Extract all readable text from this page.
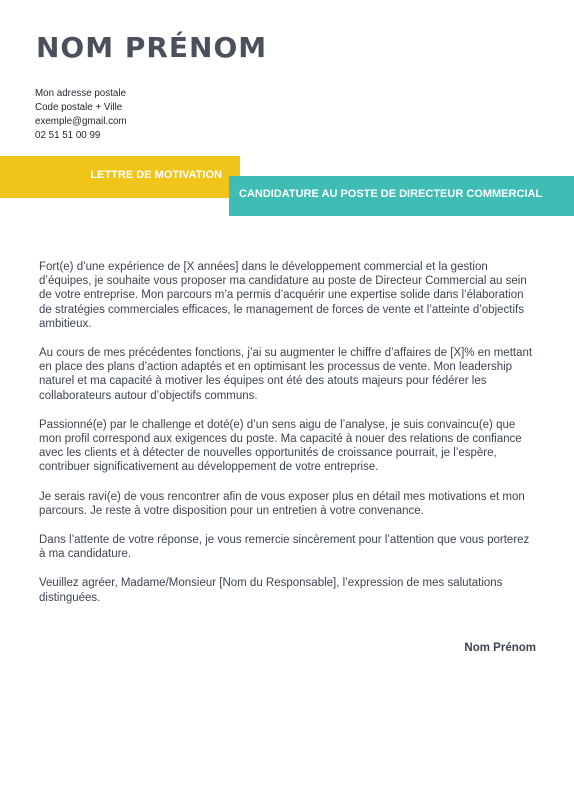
NOM PRÉNOM
Mon adresse postale
Code postale + Ville
exemple@gmail.com
02 51 51 00 99
LETTRE DE MOTIVATION
CANDIDATURE AU POSTE DE DIRECTEUR COMMERCIAL

Fort(e) d’une expérience de [X années] dans le développement commercial et la gestion d’équipes, je souhaite vous proposer ma candidature au poste de Directeur Commercial au sein de votre entreprise. Mon parcours m’a permis d’acquérir une expertise solide dans l’élaboration de stratégies commerciales efficaces, le management de forces de vente et l’atteinte d’objectifs ambitieux.

Au cours de mes précédentes fonctions, j’ai su augmenter le chiffre d’affaires de [X]% en mettant en place des plans d’action adaptés et en optimisant les processus de vente. Mon leadership naturel et ma capacité à motiver les équipes ont été des atouts majeurs pour fédérer les collaborateurs autour d’objectifs communs.

Passionné(e) par le challenge et doté(e) d’un sens aigu de l’analyse, je suis convaincu(e) que mon profil correspond aux exigences du poste. Ma capacité à nouer des relations de confiance avec les clients et à détecter de nouvelles opportunités de croissance pourrait, je l’espère, contribuer significativement au développement de votre entreprise.

Je serais ravi(e) de vous rencontrer afin de vous exposer plus en détail mes motivations et mon parcours. Je reste à votre disposition pour un entretien à votre convenance.

Dans l’attente de votre réponse, je vous remercie sincèrement pour l’attention que vous porterez à ma candidature.

Veuillez agréer, Madame/Monsieur [Nom du Responsable], l’expression de mes salutations distinguées.

Nom Prénom
